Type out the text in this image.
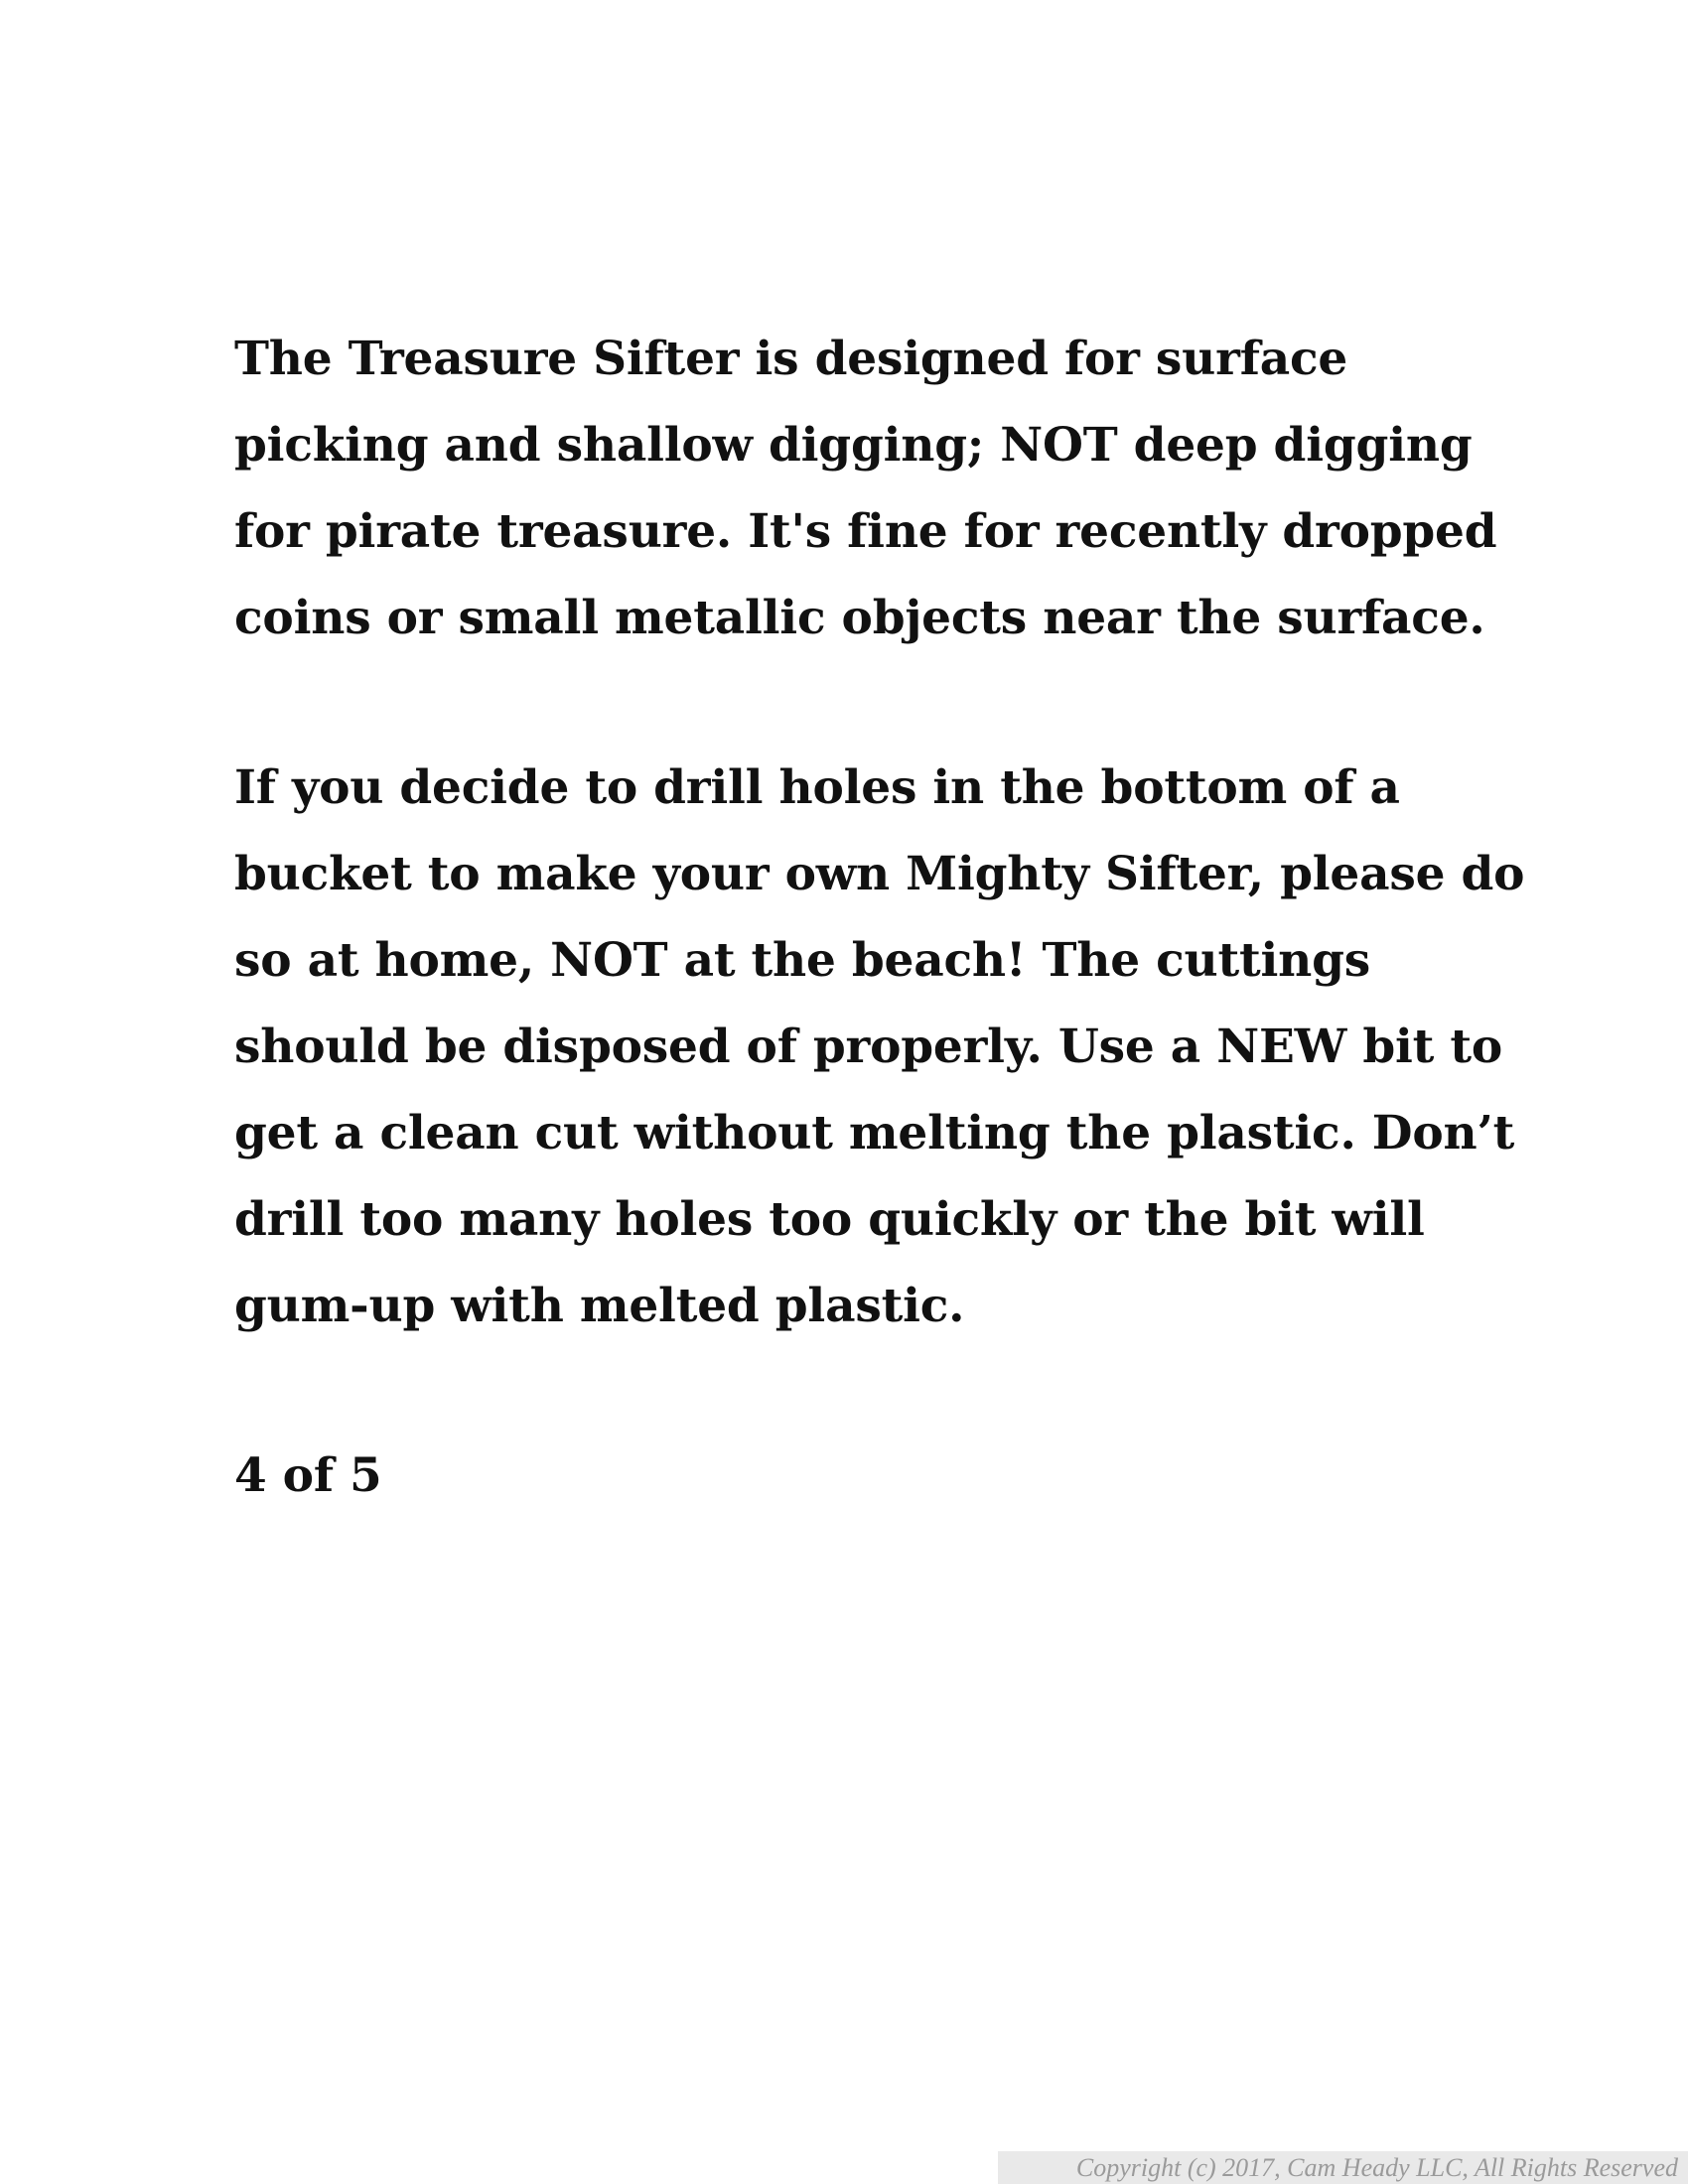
The Treasure Sifter is designed for surface
picking and shallow digging; NOT deep digging
for pirate treasure. It's fine for recently dropped
coins or small metallic objects near the surface.
If you decide to drill holes in the bottom of a
bucket to make your own Mighty Sifter, please do
so at home, NOT at the beach! The cuttings
should be disposed of properly. Use a NEW bit to
get a clean cut without melting the plastic. Don’t
drill too many holes too quickly or the bit will
gum-up with melted plastic.
4 of 5
Copyright (c) 2017, Cam Heady LLC, All Rights Reserved
